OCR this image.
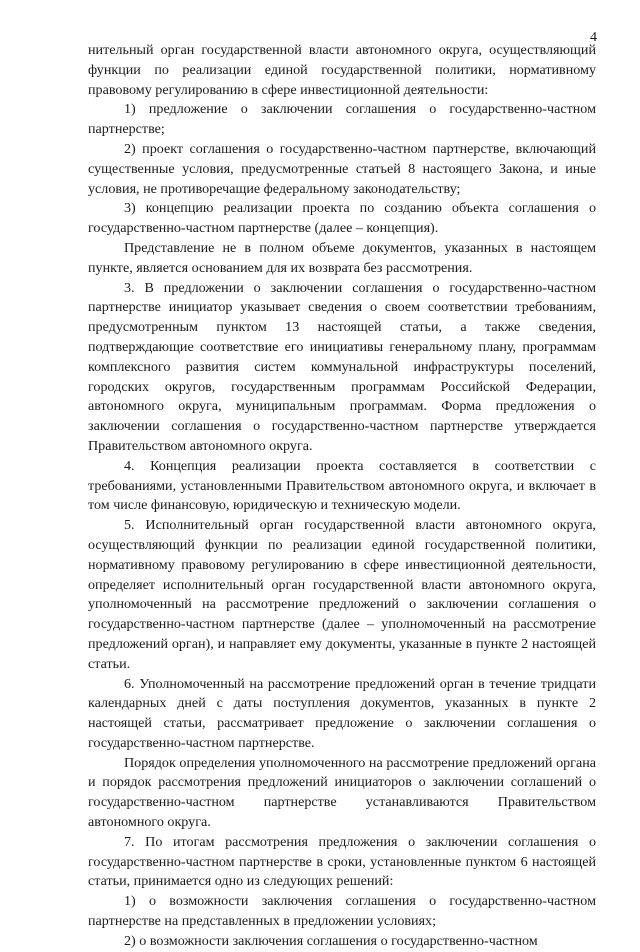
4

нительный орган государственной власти автономного округа, осуществляющий функции по реализации единой государственной политики, нормативному правовому регулированию в сфере инвестиционной деятельности:

1) предложение о заключении соглашения о государственно-частном партнерстве;

2) проект соглашения о государственно-частном партнерстве, включающий существенные условия, предусмотренные статьей 8 настоящего Закона, и иные условия, не противоречащие федеральному законодательству;

3) концепцию реализации проекта по созданию объекта соглашения о государственно-частном партнерстве (далее – концепция).

Представление не в полном объеме документов, указанных в настоящем пункте, является основанием для их возврата без рассмотрения.

3. В предложении о заключении соглашения о государственно-частном партнерстве инициатор указывает сведения о своем соответствии требованиям, предусмотренным пунктом 13 настоящей статьи, а также сведения, подтверждающие соответствие его инициативы генеральному плану, программам комплексного развития систем коммунальной инфраструктуры поселений, городских округов, государственным программам Российской Федерации, автономного округа, муниципальным программам. Форма предложения о заключении соглашения о государственно-частном партнерстве утверждается Правительством автономного округа.

4. Концепция реализации проекта составляется в соответствии с требованиями, установленными Правительством автономного округа, и включает в том числе финансовую, юридическую и техническую модели.

5. Исполнительный орган государственной власти автономного округа, осуществляющий функции по реализации единой государственной политики, нормативному правовому регулированию в сфере инвестиционной деятельности, определяет исполнительный орган государственной власти автономного округа, уполномоченный на рассмотрение предложений о заключении соглашения о государственно-частном партнерстве (далее – уполномоченный на рассмотрение предложений орган), и направляет ему документы, указанные в пункте 2 настоящей статьи.

6. Уполномоченный на рассмотрение предложений орган в течение тридцати календарных дней с даты поступления документов, указанных в пункте 2 настоящей статьи, рассматривает предложение о заключении соглашения о государственно-частном партнерстве.

Порядок определения уполномоченного на рассмотрение предложений органа и порядок рассмотрения предложений инициаторов о заключении соглашений о государственно-частном партнерстве устанавливаются Правительством автономного округа.

7. По итогам рассмотрения предложения о заключении соглашения о государственно-частном партнерстве в сроки, установленные пунктом 6 настоящей статьи, принимается одно из следующих решений:

1) о возможности заключения соглашения о государственно-частном партнерстве на представленных в предложении условиях;

2) о возможности заключения соглашения о государственно-частном
